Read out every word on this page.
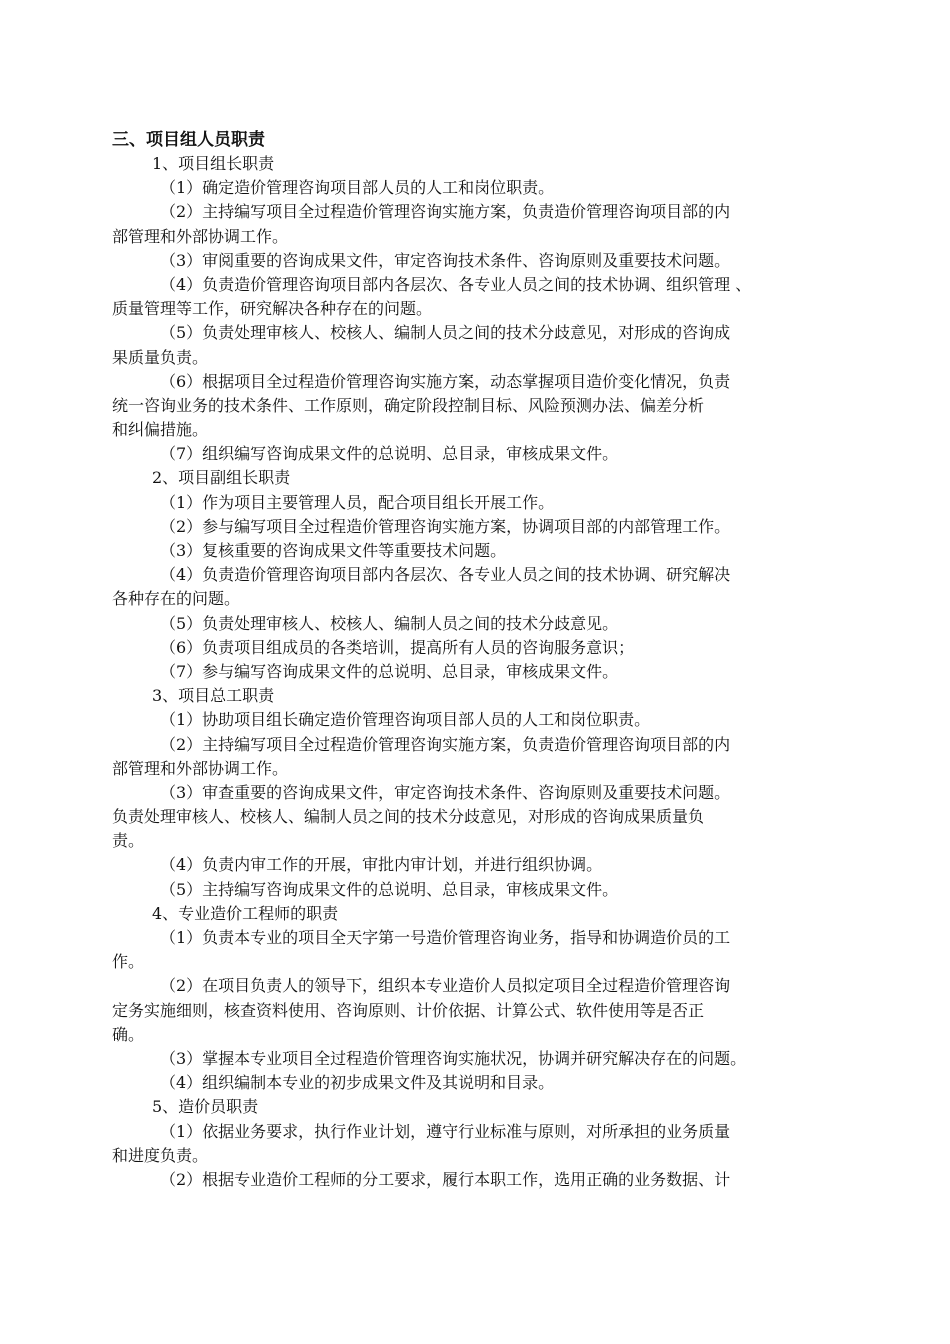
三、项目组人员职责

1、项目组长职责

（1）确定造价管理咨询项目部人员的人工和岗位职责。

（2）主持编写项目全过程造价管理咨询实施方案，负责造价管理咨询项目部的内

部管理和外部协调工作。

（3）审阅重要的咨询成果文件，审定咨询技术条件、咨询原则及重要技术问题。

（4）负责造价管理咨询项目部内各层次、各专业人员之间的技术协调、组织管理 、

质量管理等工作，研究解决各种存在的问题。

（5）负责处理审核人、校核人、编制人员之间的技术分歧意见，对形成的咨询成

果质量负责。

（6）根据项目全过程造价管理咨询实施方案，动态掌握项目造价变化情况，负责

统一咨询业务的技术条件、工作原则，确定阶段控制目标、风险预测办法、偏差分析

和纠偏措施。

（7）组织编写咨询成果文件的总说明、总目录，审核成果文件。

2、项目副组长职责

（1）作为项目主要管理人员，配合项目组长开展工作。

（2）参与编写项目全过程造价管理咨询实施方案，协调项目部的内部管理工作。

（3）复核重要的咨询成果文件等重要技术问题。

（4）负责造价管理咨询项目部内各层次、各专业人员之间的技术协调、研究解决

各种存在的问题。

（5）负责处理审核人、校核人、编制人员之间的技术分歧意见。

（6）负责项目组成员的各类培训，提高所有人员的咨询服务意识；

（7）参与编写咨询成果文件的总说明、总目录，审核成果文件。

3、项目总工职责

（1）协助项目组长确定造价管理咨询项目部人员的人工和岗位职责。

（2）主持编写项目全过程造价管理咨询实施方案，负责造价管理咨询项目部的内

部管理和外部协调工作。

（3）审查重要的咨询成果文件，审定咨询技术条件、咨询原则及重要技术问题。

负责处理审核人、校核人、编制人员之间的技术分歧意见，对形成的咨询成果质量负

责。

（4）负责内审工作的开展，审批内审计划，并进行组织协调。

（5）主持编写咨询成果文件的总说明、总目录，审核成果文件。

4、专业造价工程师的职责

（1）负责本专业的项目全天字第一号造价管理咨询业务，指导和协调造价员的工

作。

（2）在项目负责人的领导下，组织本专业造价人员拟定项目全过程造价管理咨询

定务实施细则，核查资料使用、咨询原则、计价依据、计算公式、软件使用等是否正

确。

（3）掌握本专业项目全过程造价管理咨询实施状况，协调并研究解决存在的问题。

（4）组织编制本专业的初步成果文件及其说明和目录。

5、造价员职责

（1）依据业务要求，执行作业计划，遵守行业标准与原则，对所承担的业务质量

和进度负责。

（2）根据专业造价工程师的分工要求，履行本职工作，选用正确的业务数据、计
